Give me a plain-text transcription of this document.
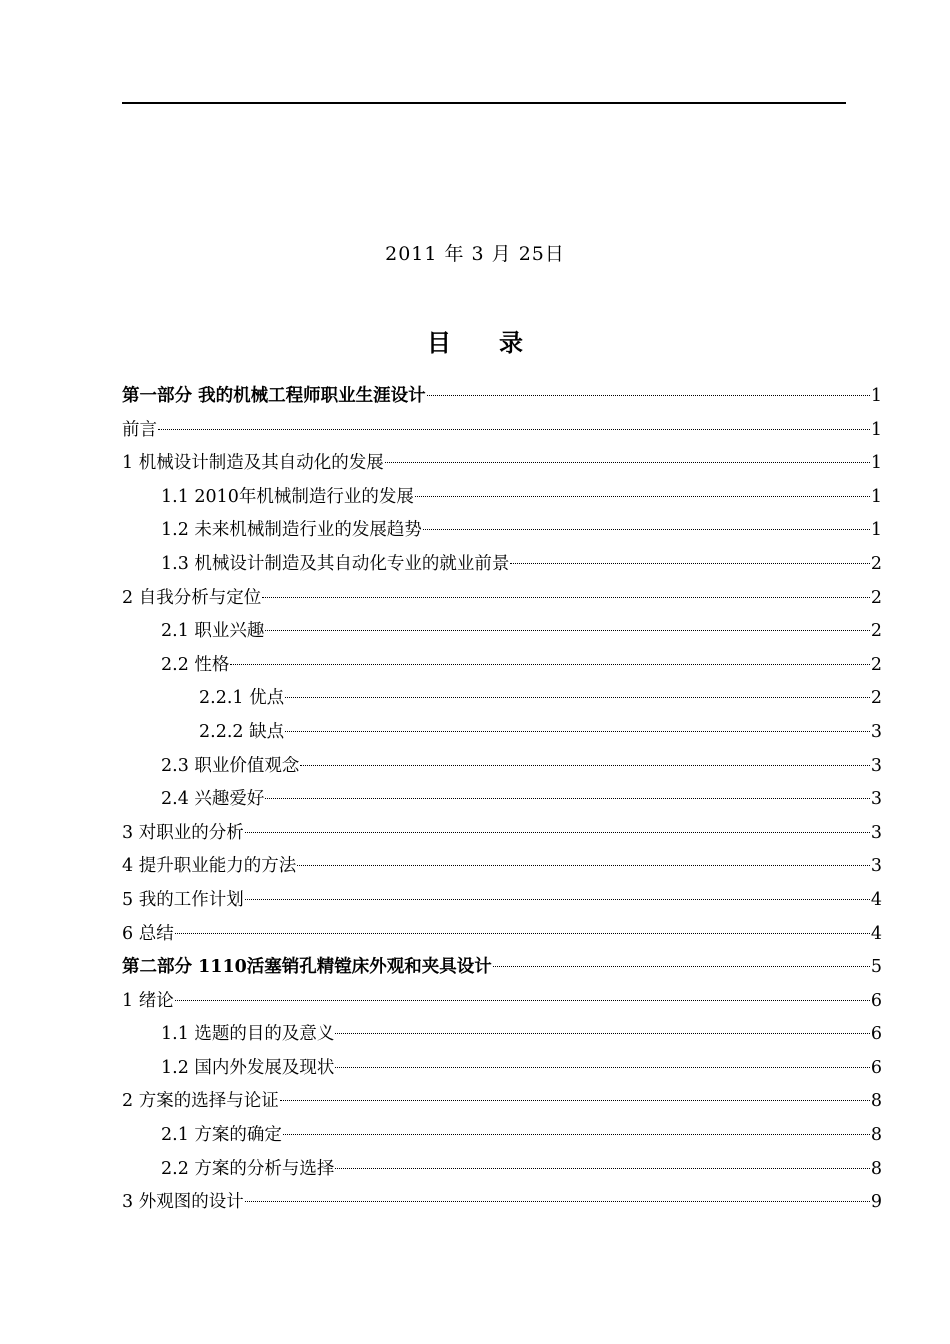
2011 年 3 月 25日
目　　录
第一部分 我的机械工程师职业生涯设计	1
前言	1
1 机械设计制造及其自动化的发展	1
1.1 2010年机械制造行业的发展	1
1.2 未来机械制造行业的发展趋势	1
1.3 机械设计制造及其自动化专业的就业前景	2
2 自我分析与定位	2
2.1 职业兴趣	2
2.2 性格	2
2.2.1 优点	2
2.2.2 缺点	3
2.3 职业价值观念	3
2.4 兴趣爱好	3
3 对职业的分析	3
4 提升职业能力的方法	3
5 我的工作计划	4
6 总结	4
第二部分 1110活塞销孔精镗床外观和夹具设计	5
1 绪论	6
1.1 选题的目的及意义	6
1.2 国内外发展及现状	6
2 方案的选择与论证	8
2.1 方案的确定	8
2.2 方案的分析与选择	8
3 外观图的设计	9
